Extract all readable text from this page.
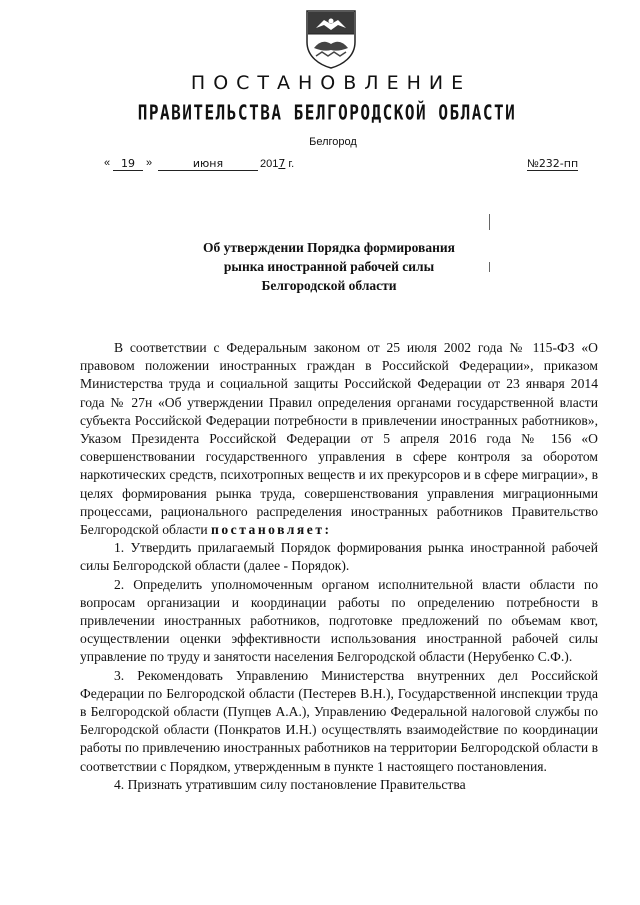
ПОСТАНОВЛЕНИЕ
ПРАВИТЕЛЬСТВА БЕЛГОРОДСКОЙ ОБЛАСТИ
Белгород
« 19	»	июня	2017 г.	№232-пп
Об утверждении Порядка формирования
рынка иностранной рабочей силы
Белгородской области

В соответствии с Федеральным законом от 25 июля 2002 года № 115-ФЗ «О правовом положении иностранных граждан в Российской Федерации», приказом Министерства труда и социальной защиты Российской Федерации от 23 января 2014 года № 27н «Об утверждении Правил определения органами государственной власти субъекта Российской Федерации потребности в привлечении иностранных работников», Указом Президента Российской Федерации от 5 апреля 2016 года № 156 «О совершенствовании государственного управления в сфере контроля за оборотом наркотических средств, психотропных веществ и их прекурсоров и в сфере миграции», в целях формирования рынка труда, совершенствования управления миграционными процессами, рационального распределения иностранных работников Правительство Белгородской области постановляет:

1. Утвердить прилагаемый Порядок формирования рынка иностранной рабочей силы Белгородской области (далее - Порядок).

2. Определить уполномоченным органом исполнительной власти области по вопросам организации и координации работы по определению потребности в привлечении иностранных работников, подготовке предложений по объемам квот, осуществлении оценки эффективности использования иностранной рабочей силы управление по труду и занятости населения Белгородской области (Нерубенко С.Ф.).

3. Рекомендовать Управлению Министерства внутренних дел Российской Федерации по Белгородской области (Пестерев В.Н.), Государственной инспекции труда в Белгородской области (Пупцев А.А.), Управлению Федеральной налоговой службы по Белгородской области (Понкратов И.Н.) осуществлять взаимодействие по координации работы по привлечению иностранных работников на территории Белгородской области в соответствии с Порядком, утвержденным в пункте 1 настоящего постановления.

4. Признать утратившим силу постановление Правительства
